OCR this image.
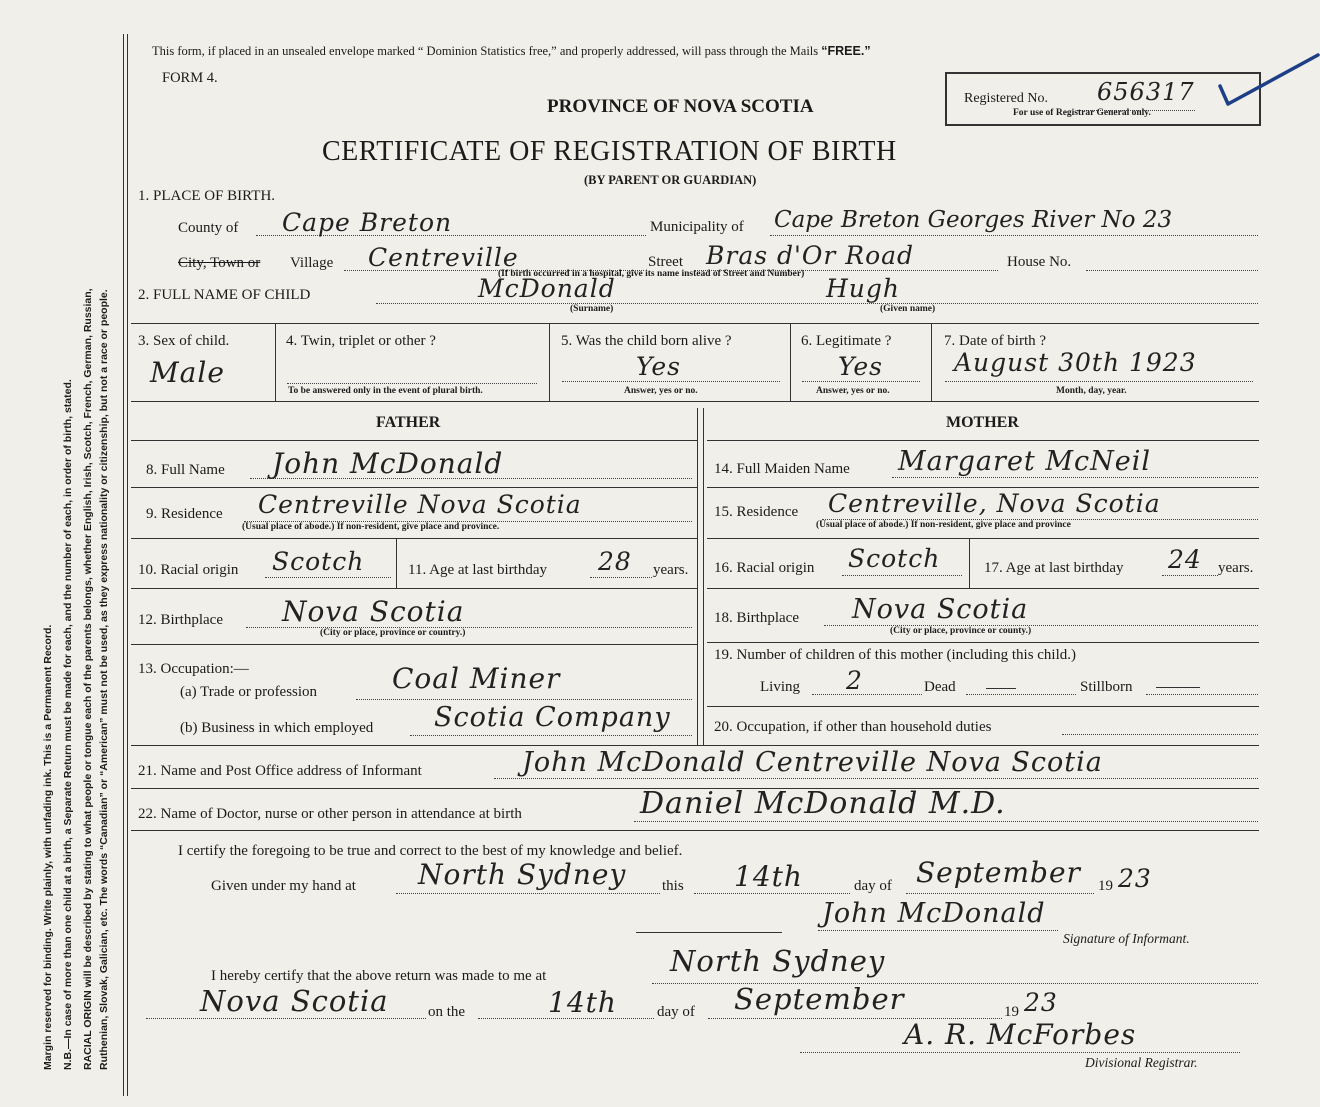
Margin reserved for binding. Write plainly, with unfading ink. This is a Permanent Record. N.B.—In case of more than one child at a birth, a Separate Return must be made for each, and the number of each, in order of birth, stated. RACIAL ORIGIN will be described by stating to what people or tongue each of the parents belongs, whether English, Irish, Scotch, French, German, Russian, Ruthenian, Slovak, Galician, etc. The words “Canadian” or “American” must not be used, as they express nationality or citizenship, but not a race or people.
This form, if placed in an unsealed envelope marked “ Dominion Statistics free,” and properly addressed, will pass through the Mails “FREE.”
FORM 4.
PROVINCE OF NOVA SCOTIA	Registered No. 656317
For use of Registrar General only.
CERTIFICATE OF REGISTRATION OF BIRTH
(BY PARENT OR GUARDIAN)
1. PLACE OF BIRTH.
County of Cape Breton	Municipality of Cape Breton Georges River No 23
City, Town or Village Centreville	Street Bras d'Or Road	House No.
(If birth occurred in a hospital, give its name instead of Street and Number)
2. FULL NAME OF CHILD	McDonald
(Surname)
Hugh
(Given name)
3. Sex of child.
Male
4. Twin, triplet or other ?
To be answered only in the event of plural birth.
5. Was the child born alive ?
Yes
Answer, yes or no.
6. Legitimate ?
Yes
Answer, yes or no.
7. Date of birth ?
August 30th 1923
Month, day, year.
FATHER	MOTHER
8. Full Name John McDonald
9. Residence Centreville Nova Scotia
(Usual place of abode.) If non-resident, give place and province.
10. Racial origin Scotch	11. Age at last birthday 28 years.
12. Birthplace Nova Scotia
(City or place, province or country.)
13. Occupation:—
(a) Trade or profession	Coal Miner
(b) Business in which employed Scotia Company
14. Full Maiden Name Margaret McNeil
15. Residence Centreville, Nova Scotia
(Usual place of abode.) If non-resident, give place and province
16. Racial origin Scotch	17. Age at last birthday 24 years.
18. Birthplace Nova Scotia
(City or place, province or county.)
19. Number of children of this mother (including this child.)
Living 2	Dead	Stillborn
20. Occupation, if other than household duties
21. Name and Post Office address of Informant	John McDonald Centreville Nova Scotia
22. Name of Doctor, nurse or other person in attendance at birth	Daniel McDonald M.D.
I certify the foregoing to be true and correct to the best of my knowledge and belief.
Given under my hand at North Sydney this 14th	day of September 19 23
John McDonald
Signature of Informant.
I hereby certify that the above return was made to me at	North Sydney
Nova Scotia	on the	14th	day of September	19 23
A. R. McForbes
Divisional Registrar.
